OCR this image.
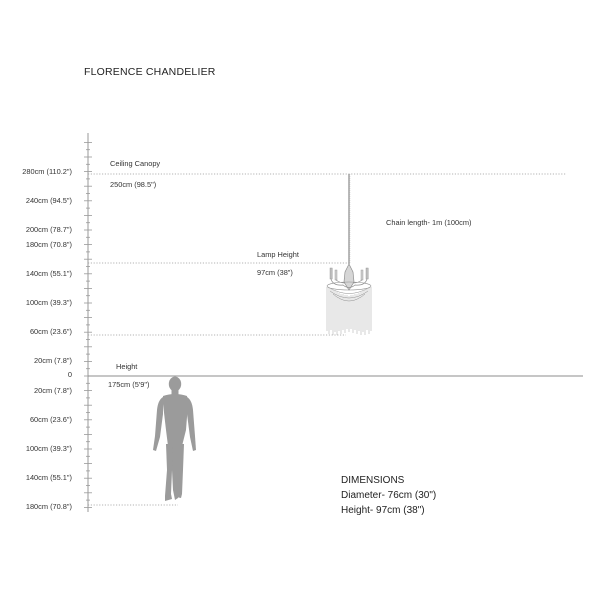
FLORENCE CHANDELIER
280cm (110.2")
240cm (94.5")
200cm (78.7")
180cm (70.8")
140cm (55.1")
100cm (39.3")
60cm (23.6")
20cm (7.8")
0
20cm (7.8")
60cm (23.6")
100cm (39.3")
140cm (55.1")
180cm (70.8")
Ceiling Canopy
250cm (98.5")
Chain length- 1m (100cm)
Lamp Height
97cm (38")
Height
175cm (5'9")
DIMENSIONS
Diameter- 76cm (30")
Height- 97cm (38")
